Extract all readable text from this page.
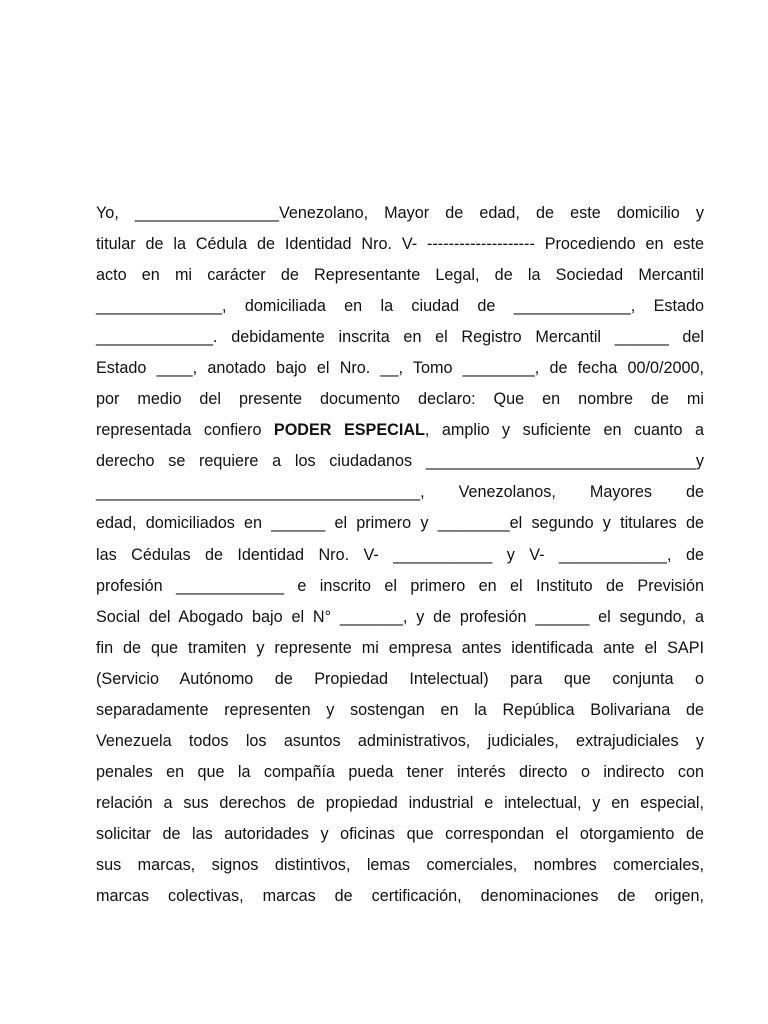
Yo, ________________Venezolano, Mayor de edad, de este domicilio y
titular de la Cédula de Identidad Nro. V- -------------------- Procediendo en este
acto en mi carácter de Representante Legal, de la Sociedad Mercantil
______________, domiciliada en la ciudad de _____________, Estado
_____________. debidamente inscrita en el Registro Mercantil ______ del
Estado ____, anotado bajo el Nro. __, Tomo ________, de fecha 00/0/2000,
por medio del presente documento declaro: Que en nombre de mi
representada confiero PODER ESPECIAL, amplio y suficiente en cuanto a
derecho se requiere a los ciudadanos ______________________________y
____________________________________, Venezolanos, Mayores de
edad, domiciliados en ______ el primero y ________el segundo y titulares de
las Cédulas de Identidad Nro. V- ___________ y V- ____________, de
profesión ____________ e inscrito el primero en el Instituto de Previsión
Social del Abogado bajo el N° _______, y de profesión ______ el segundo, a
fin de que tramiten y represente mi empresa antes identificada ante el SAPI
(Servicio Autónomo de Propiedad Intelectual) para que conjunta o
separadamente representen y sostengan en la República Bolivariana de
Venezuela todos los asuntos administrativos, judiciales, extrajudiciales y
penales en que la compañía pueda tener interés directo o indirecto con
relación a sus derechos de propiedad industrial e intelectual, y en especial,
solicitar de las autoridades y oficinas que correspondan el otorgamiento de
sus marcas, signos distintivos, lemas comerciales, nombres comerciales,
marcas colectivas, marcas de certificación, denominaciones de origen,
